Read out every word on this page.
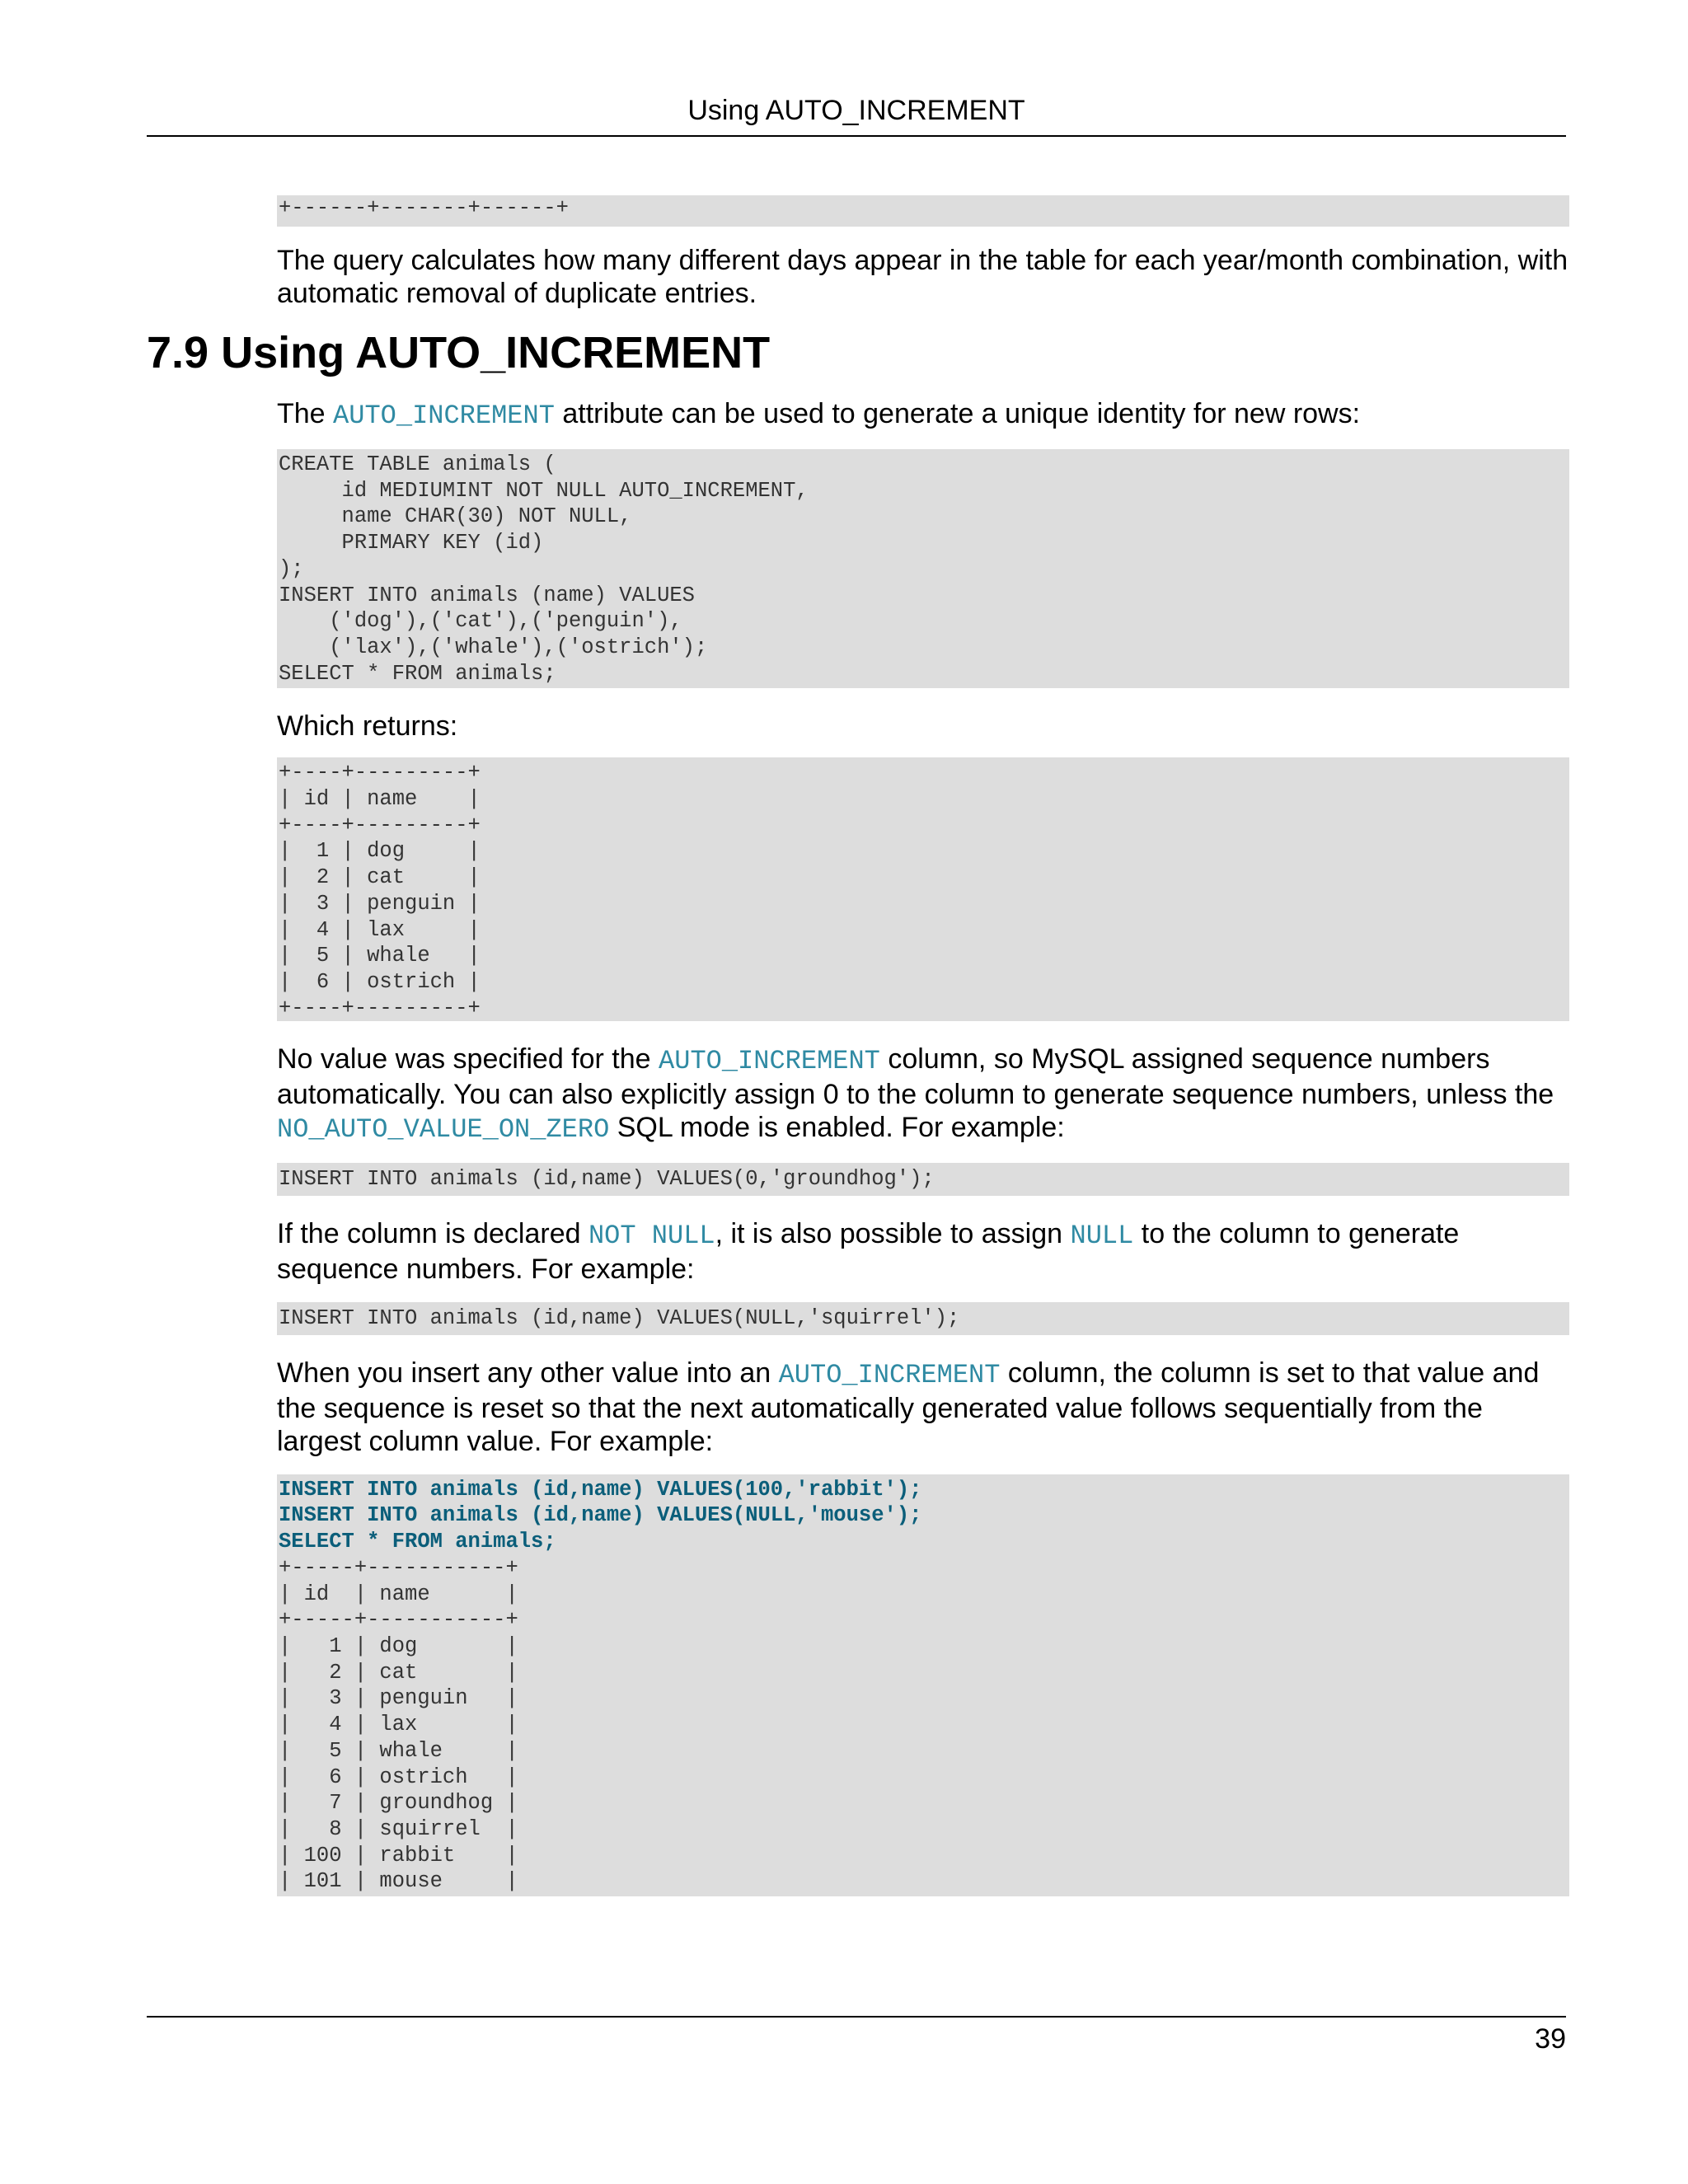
Using AUTO_INCREMENT
+------+-------+------+

The query calculates how many different days appear in the table for each year/month combination, with automatic removal of duplicate entries.

7.9 Using AUTO_INCREMENT

The AUTO_INCREMENT attribute can be used to generate a unique identity for new rows:

CREATE TABLE animals (
id MEDIUMINT NOT NULL AUTO_INCREMENT,
name CHAR(30) NOT NULL,
PRIMARY KEY (id)
);
INSERT INTO animals (name) VALUES
('dog'),('cat'),('penguin'),
('lax'),('whale'),('ostrich');
SELECT * FROM animals;

Which returns:

+----+---------+
| id | name    |
+----+---------+
|  1 | dog     |
|  2 | cat     |
|  3 | penguin |
|  4 | lax     |
|  5 | whale   |
|  6 | ostrich |
+----+---------+

No value was specified for the AUTO_INCREMENT column, so MySQL assigned sequence numbers automatically. You can also explicitly assign 0 to the column to generate sequence numbers, unless the NO_AUTO_VALUE_ON_ZERO SQL mode is enabled. For example:

INSERT INTO animals (id,name) VALUES(0,'groundhog');

If the column is declared NOT NULL, it is also possible to assign NULL to the column to generate sequence numbers. For example:

INSERT INTO animals (id,name) VALUES(NULL,'squirrel');

When you insert any other value into an AUTO_INCREMENT column, the column is set to that value and the sequence is reset so that the next automatically generated value follows sequentially from the largest column value. For example:

INSERT INTO animals (id,name) VALUES(100,'rabbit');
INSERT INTO animals (id,name) VALUES(NULL,'mouse');
SELECT * FROM animals;
+-----+-----------+
| id  | name      |
+-----+-----------+
|   1 | dog       |
|   2 | cat       |
|   3 | penguin   |
|   4 | lax       |
|   5 | whale     |
|   6 | ostrich   |
|   7 | groundhog |
|   8 | squirrel  |
| 100 | rabbit    |
| 101 | mouse     |
39
